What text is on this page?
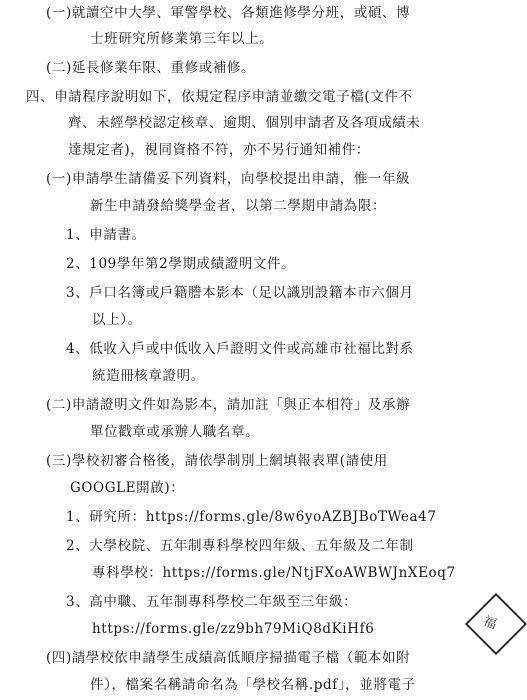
(一)就讀空中大學、軍警學校、各類進修學分班，或碩、博
士班研究所修業第三年以上。
(二)延長修業年限、重修或補修。
四、申請程序說明如下，依規定程序申請並繳交電子檔(文件不
齊、未經學校認定核章、逾期、個別申請者及各項成績未
達規定者)，視同資格不符，亦不另行通知補件：
(一)申請學生請備妥下列資料，向學校提出申請，惟一年級
新生申請發給獎學金者，以第二學期申請為限：
1、申請書。
2、109學年第2學期成績證明文件。
3、戶口名簿或戶籍謄本影本（足以識別設籍本市六個月
以上）。
4、低收入戶或中低收入戶證明文件或高雄市社福比對系
統造冊核章證明。
(二)申請證明文件如為影本，請加註「與正本相符」及承辦
單位戳章或承辦人職名章。
(三)學校初審合格後，請依學制別上網填報表單(請使用
GOOGLE開啟)：
1、研究所：https://forms.gle/8w6yoAZBJBoTWea47
2、大學校院、五年制專科學校四年級、五年級及二年制
專科學校：https://forms.gle/NtjFXoAWBWJnXEoq7
3、高中職、五年制專科學校二年級至三年級：
https://forms.gle/zz9bh79MiQ8dKiHf6
(四)請學校依申請學生成績高低順序掃描電子檔（範本如附
件），檔案名稱請命名為「學校名稱.pdf」，並將電子
福
